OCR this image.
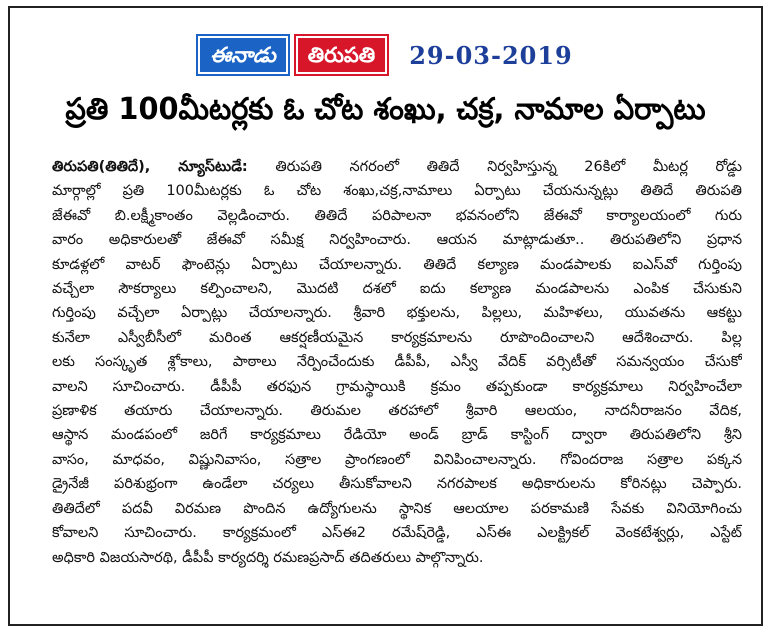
ఈనాడు	తిరుపతి	29-03-2019
ప్రతి 100మీటర్లకు ఓ చోట శంఖు, చక్ర, నామాల ఏర్పాటు
తిరుపతి(తితిదే), న్యూస్‌టుడే: తిరుపతి నగరంలో తితిదే నిర్వహిస్తున్న 26కిలో మీటర్ల రోడ్డు
మార్గాల్లో ప్రతి 100మీటర్లకు ఓ చోట శంఖు,చక్ర,నామాలు ఏర్పాటు చేయనున్నట్లు తితిదే తిరుపతి
జేఈవో బి.లక్ష్మీకాంతం వెల్లడించారు. తితిదే పరిపాలనా భవనంలోని జేఈవో కార్యాలయంలో గురు
వారం అధికారులతో జేఈవో సమీక్ష నిర్వహించారు. ఆయన మాట్లాడుతూ.. తిరుపతిలోని ప్రధాన
కూడళ్లలో వాటర్ ఫౌంటెన్లు ఏర్పాటు చేయాలన్నారు. తితిదే కల్యాణ మండపాలకు ఐఎస్‌వో గుర్తింపు
వచ్చేలా సౌకర్యాలు కల్పించాలని, మొదటి దశలో ఐదు కల్యాణ మండపాలను ఎంపిక చేసుకుని
గుర్తింపు వచ్చేలా ఏర్పాట్లు చేయాలన్నారు. శ్రీవారి భక్తులను, పిల్లలు, మహిళలు, యువతను ఆకట్టు
కునేలా ఎస్వీబీసీలో మరింత ఆకర్షణీయమైన కార్యక్రమాలను రూపొందించాలని ఆదేశించారు. పిల్ల
లకు సంస్కృత శ్లోకాలు, పాఠాలు నేర్పించేందుకు డీపీపీ, ఎస్వీ వేదిక్ వర్సిటీతో సమన్వయం చేసుకో
వాలని సూచించారు. డీపీపీ తరఫున గ్రామస్థాయికి క్రమం తప్పకుండా కార్యక్రమాలు నిర్వహించేలా
ప్రణాళిక తయారు చేయాలన్నారు. తిరుమల తరహాలో శ్రీవారి ఆలయం, నాదనీరాజనం వేదిక,
ఆస్థాన మండపంలో జరిగే కార్యక్రమాలు రేడియో అండ్ బ్రాడ్ కాస్టింగ్ ద్వారా తిరుపతిలోని శ్రీని
వాసం, మాధవం, విష్ణునివాసం, సత్రాల ప్రాంగణంలో వినిపించాలన్నారు. గోవిందరాజ సత్రాల పక్కన
డ్రైనేజీ పరిశుభ్రంగా ఉండేలా చర్యలు తీసుకోవాలని నగరపాలక అధికారులను కోరినట్లు చెప్పారు.
తితిదేలో పదవీ విరమణ పొందిన ఉద్యోగులను స్థానిక ఆలయాల పరకామణి సేవకు వినియోగించు
కోవాలని సూచించారు. కార్యక్రమంలో ఎస్ఈ2 రమేష్‌రెడ్డి, ఎస్ఈ ఎలక్ట్రికల్ వెంకటేశ్వర్లు, ఎస్టేట్
అధికారి విజయసారథి, డీపీపీ కార్యదర్శి రమణప్రసాద్ తదితరులు పాల్గొన్నారు.
